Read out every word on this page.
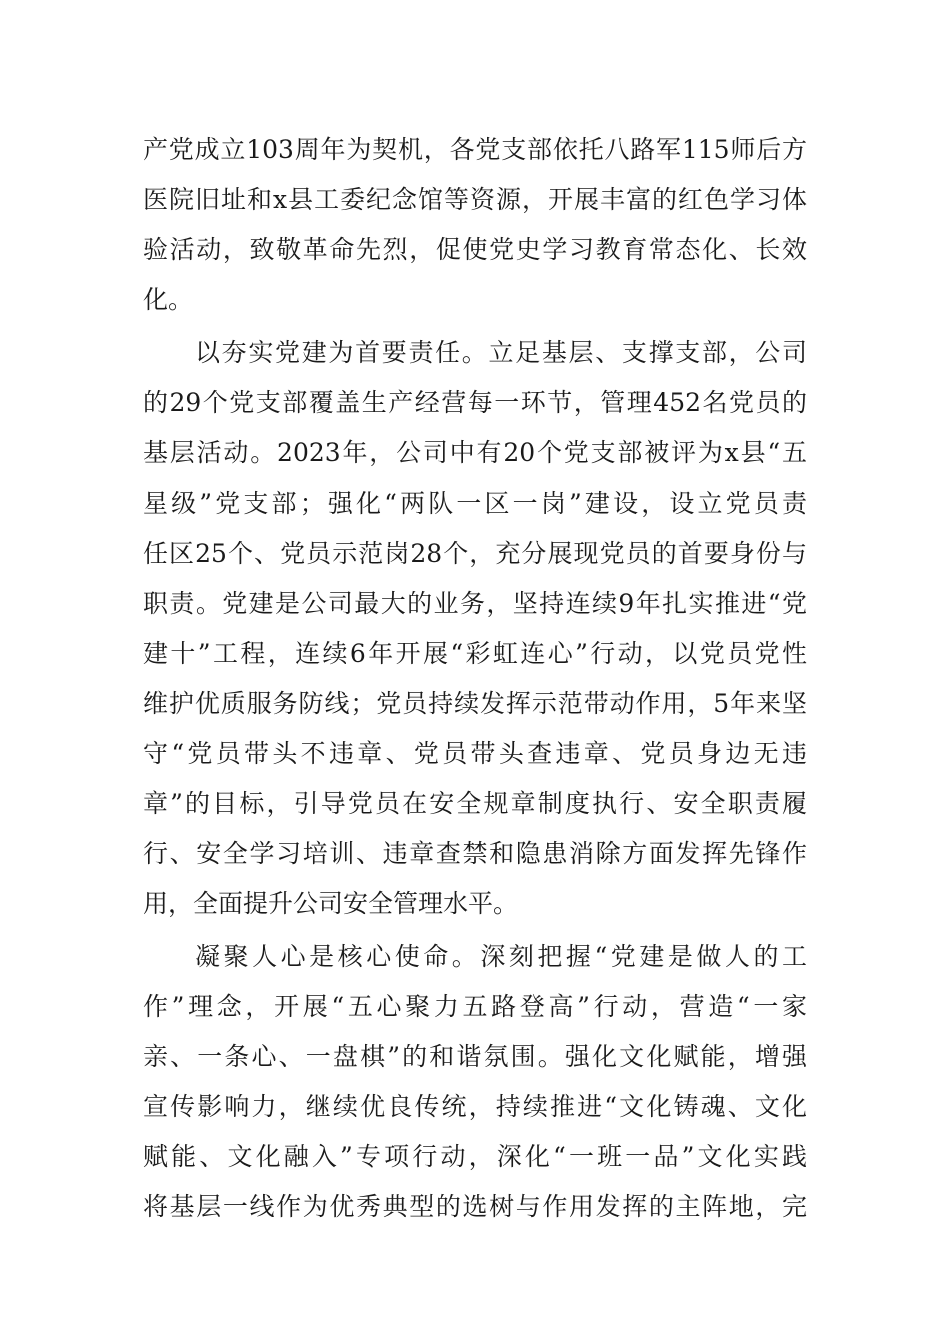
产党成立103周年为契机，各党支部依托八路军115师后方
医院旧址和x县工委纪念馆等资源，开展丰富的红色学习体
验活动，致敬革命先烈，促使党史学习教育常态化、长效
化。
以夯实党建为首要责任。立足基层、支撑支部，公司
的29个党支部覆盖生产经营每一环节，管理452名党员的
基层活动。2023年，公司中有20个党支部被评为x县“五
星级”党支部；强化“两队一区一岗”建设，设立党员责
任区25个、党员示范岗28个，充分展现党员的首要身份与
职责。党建是公司最大的业务，坚持连续9年扎实推进“党
建十”工程，连续6年开展“彩虹连心”行动，以党员党性
维护优质服务防线；党员持续发挥示范带动作用，5年来坚
守“党员带头不违章、党员带头查违章、党员身边无违
章”的目标，引导党员在安全规章制度执行、安全职责履
行、安全学习培训、违章查禁和隐患消除方面发挥先锋作
用，全面提升公司安全管理水平。
凝聚人心是核心使命。深刻把握“党建是做人的工
作”理念，开展“五心聚力五路登高”行动，营造“一家
亲、一条心、一盘棋”的和谐氛围。强化文化赋能，增强
宣传影响力，继续优良传统，持续推进“文化铸魂、文化
赋能、文化融入”专项行动，深化“一班一品”文化实践
将基层一线作为优秀典型的选树与作用发挥的主阵地，完
